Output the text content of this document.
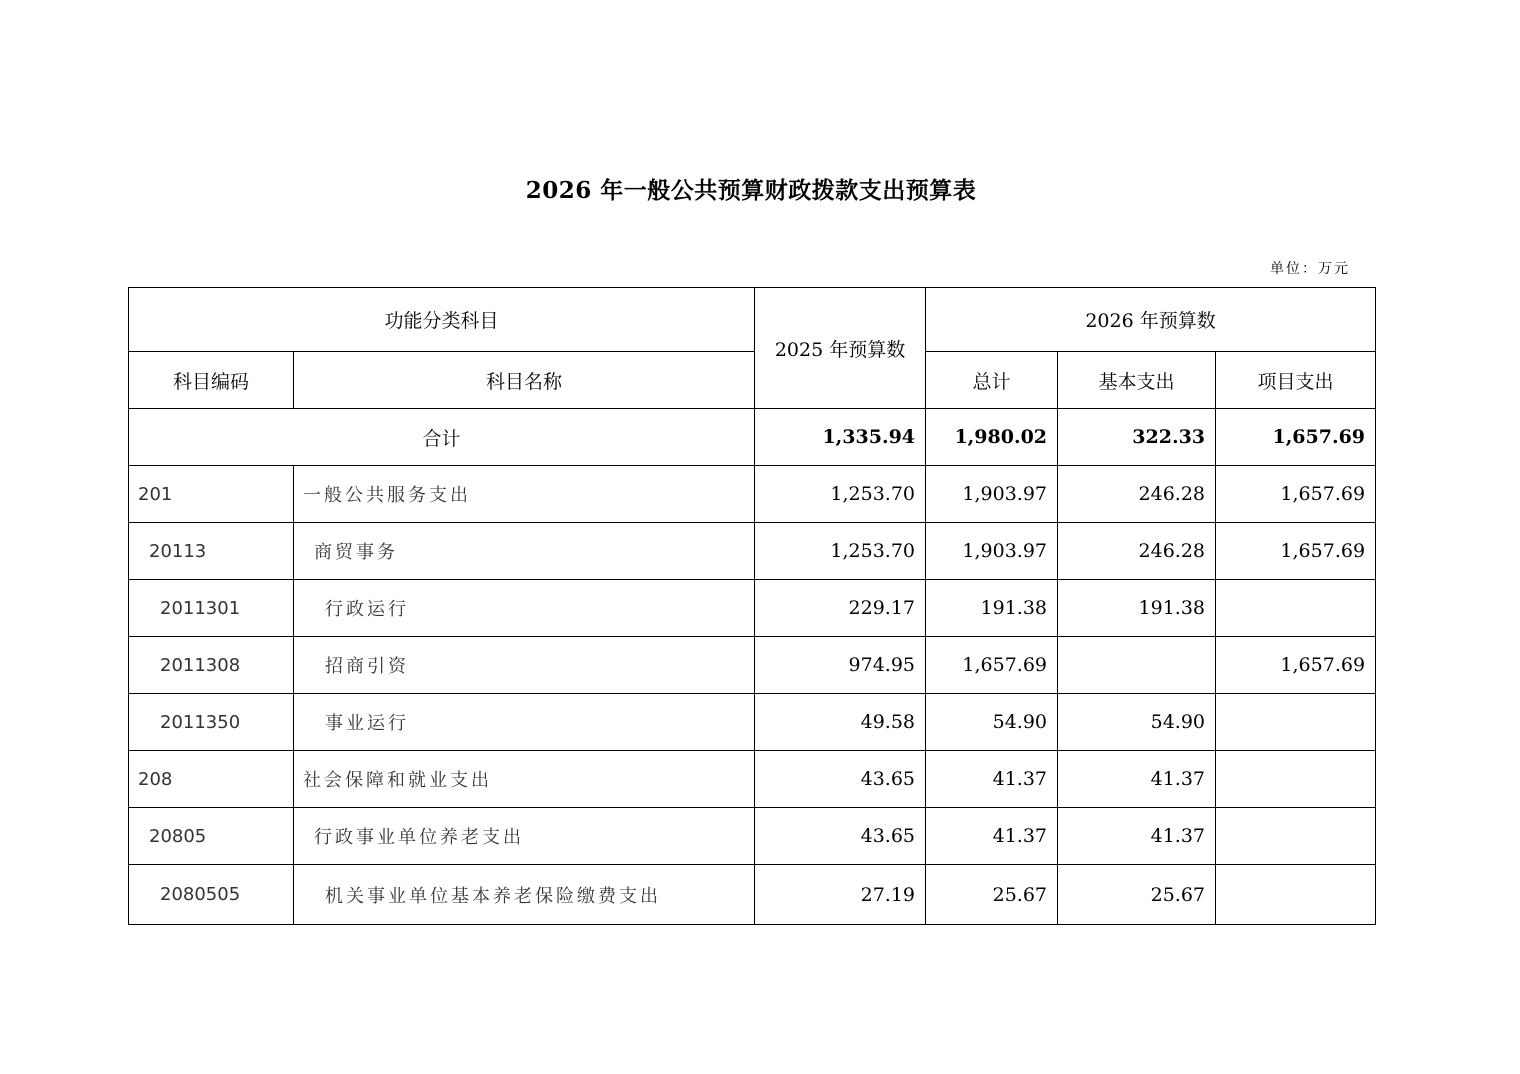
2026 年一般公共预算财政拨款支出预算表
单位：万元
功能分类科目		2025 年预算数	2026 年预算数		
科目编码	科目名称		总计	基本支出	项目支出
合计		1,335.94	1,980.02	322.33	1,657.69
201	一般公共服务支出	1,253.70	1,903.97	246.28	1,657.69
20113	商贸事务	1,253.70	1,903.97	246.28	1,657.69
2011301	行政运行	229.17	191.38	191.38	
2011308	招商引资	974.95	1,657.69		1,657.69
2011350	事业运行	49.58	54.90	54.90	
208	社会保障和就业支出	43.65	41.37	41.37	
20805	行政事业单位养老支出	43.65	41.37	41.37	
2080505	机关事业单位基本养老保险缴费支出	27.19	25.67	25.67	
